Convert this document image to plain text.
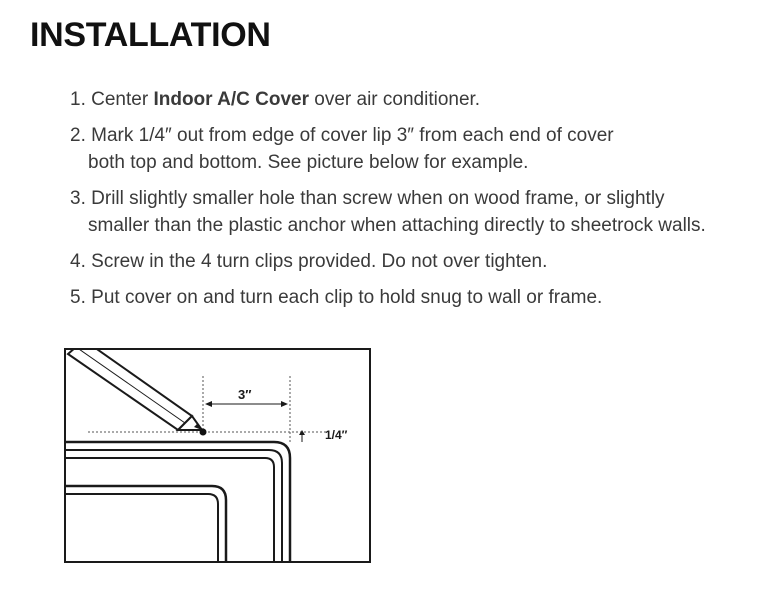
INSTALLATION
1. Center Indoor A/C Cover over air conditioner.
2. Mark 1/4″ out from edge of cover lip 3″ from each end of cover
both top and bottom. See picture below for example.
3. Drill slightly smaller hole than screw when on wood frame, or slightly
smaller than the plastic anchor when attaching directly to sheetrock walls.
4. Screw in the 4 turn clips provided. Do not over tighten.
5. Put cover on and turn each clip to hold snug to wall or frame.
3″
1/4″
